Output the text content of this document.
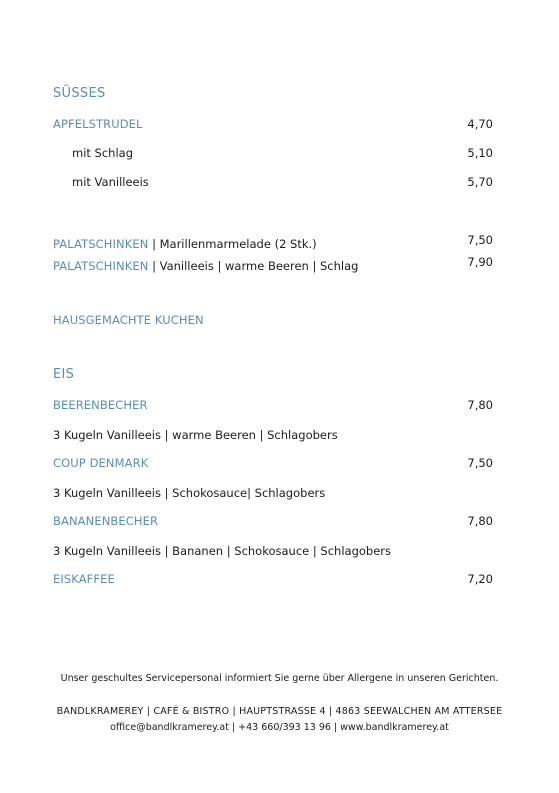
SÜSSES
APFELSTRUDEL	4,70
mit Schlag	5,10
mit Vanilleeis	5,70
PALATSCHINKEN | Marillenmarmelade (2 Stk.)	7,50
PALATSCHINKEN | Vanilleeis | warme Beeren | Schlag	7,90
HAUSGEMACHTE KUCHEN
EIS
BEERENBECHER	7,80
3 Kugeln Vanilleeis | warme Beeren | Schlagobers
COUP DENMARK	7,50
3 Kugeln Vanilleeis | Schokosauce| Schlagobers
BANANENBECHER	7,80
3 Kugeln Vanilleeis | Bananen | Schokosauce | Schlagobers
EISKAFFEE	7,20
Unser geschultes Servicepersonal informiert Sie gerne über Allergene in unseren Gerichten.
BANDLKRAMEREY | CAFÉ & BISTRO | HAUPTSTRASSE 4 | 4863 SEEWALCHEN AM ATTERSEE
office@bandlkramerey.at | +43 660/393 13 96 | www.bandlkramerey.at
